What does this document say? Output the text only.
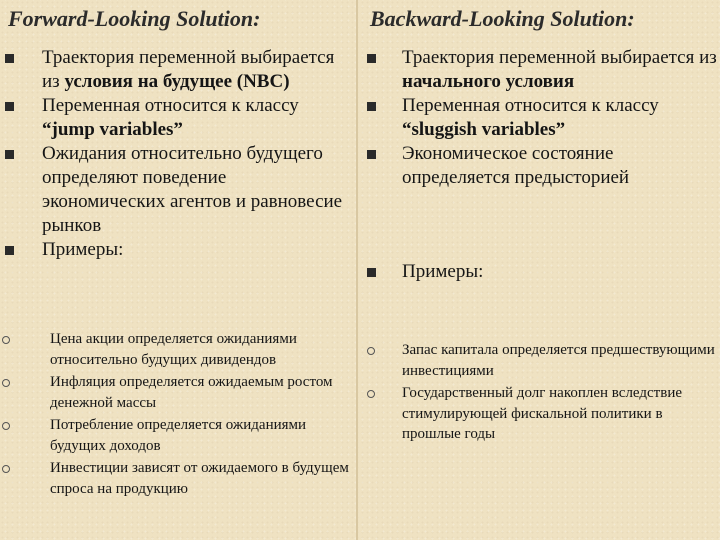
Forward-Looking Solution:
Траектория переменной выбирается из условия на будущее (NBC)
Переменная относится к классу “jump variables”
Ожидания относительно будущего определяют поведение экономических агентов и равновесие рынков
Примеры:
Цена акции определяется ожиданиями относительно будущих дивидендов
Инфляция определяется ожидаемым ростом денежной массы
Потребление определяется ожиданиями будущих доходов
Инвестиции зависят от ожидаемого в будущем спроса на продукцию
Backward-Looking Solution:
Траектория переменной выбирается из начального условия
Переменная относится к классу “sluggish variables”
Экономическое состояние определяется предысторией
Примеры:
Запас капитала определяется предшествующими инвестициями
Государственный долг накоплен вследствие стимулирующей фискальной политики в прошлые годы
